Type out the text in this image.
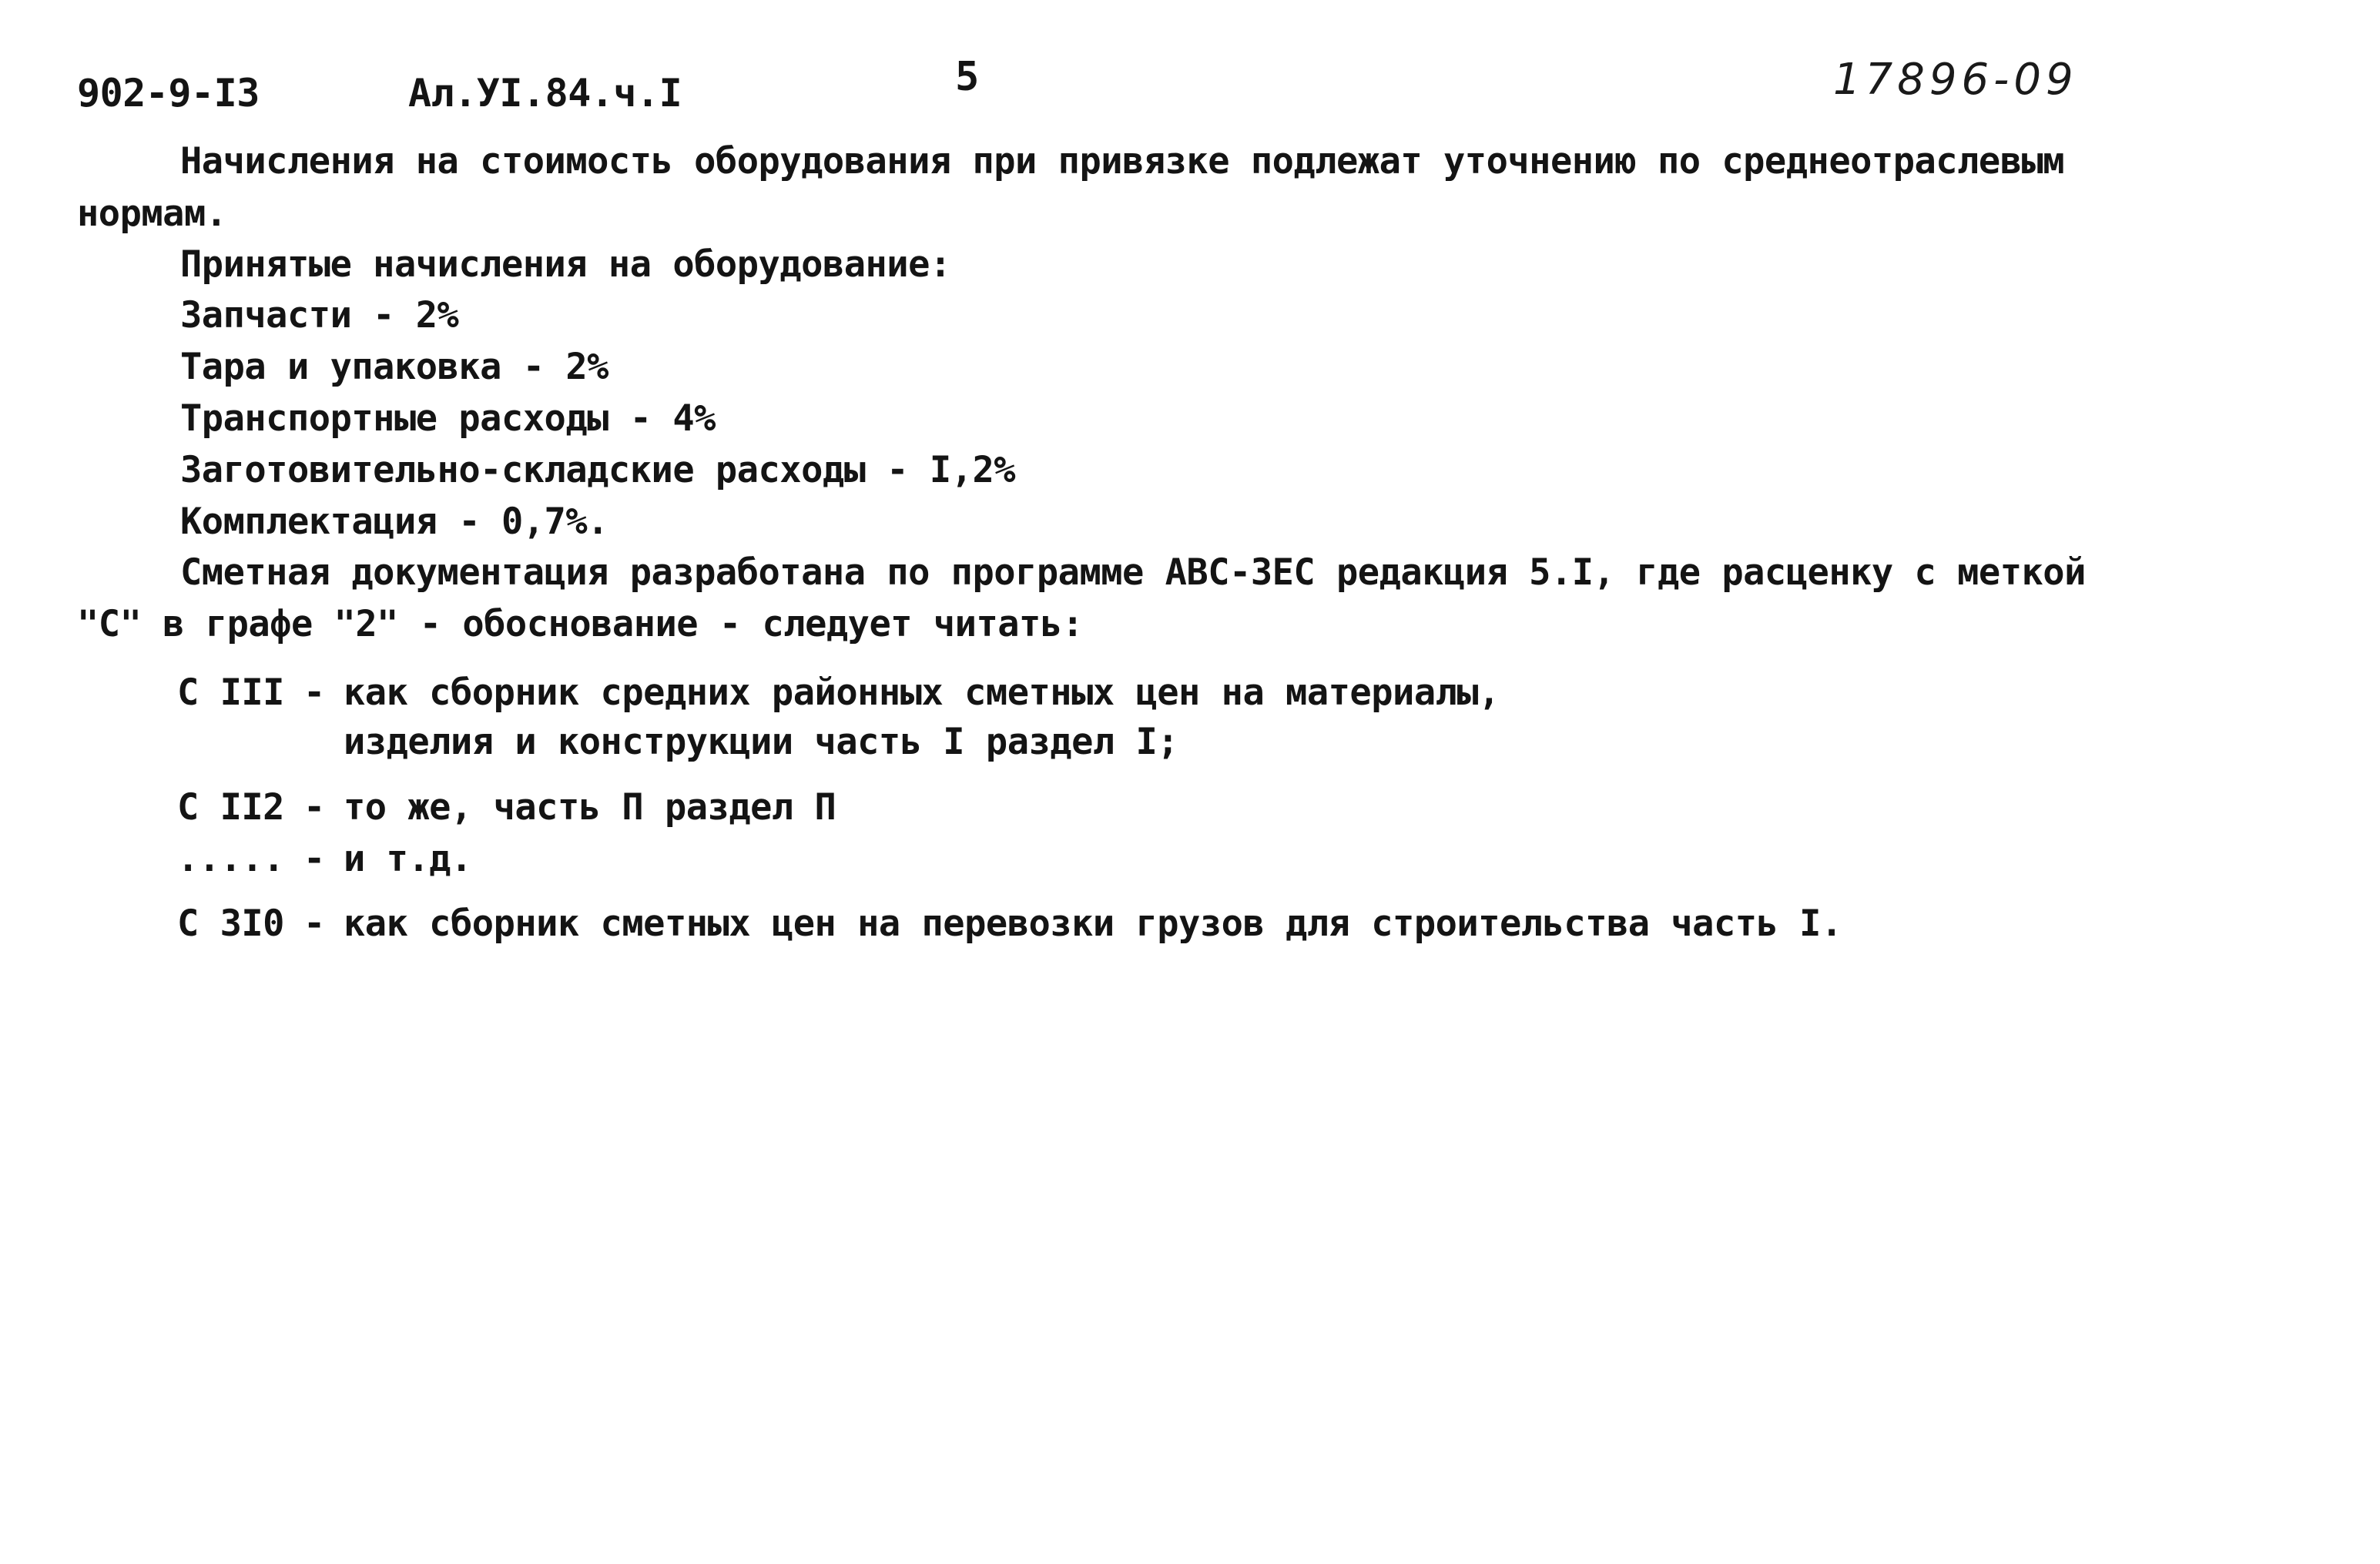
902-9-I3	Ал.УI.84.ч.I	5	17896-09
Начисления на стоимость оборудования при привязке подлежат уточнению по среднеотраслевым
нормам.
Принятые начисления на оборудование:
Запчасти - 2%
Тара и упаковка - 2%
Транспортные расходы - 4%
Заготовительно-складские расходы - I,2%
Комплектация - 0,7%.
Сметная документация разработана по программе АВС-3ЕС редакция 5.I, где расценку с меткой
"С" в графе "2" - обоснование - следует читать:
С III - как сборник средних районных сметных цен на материалы,
изделия и конструкции часть I раздел I;
С II2 - то же, часть П раздел П
..... - и т.д.
С 3I0 - как сборник сметных цен на перевозки грузов для строительства часть I.
